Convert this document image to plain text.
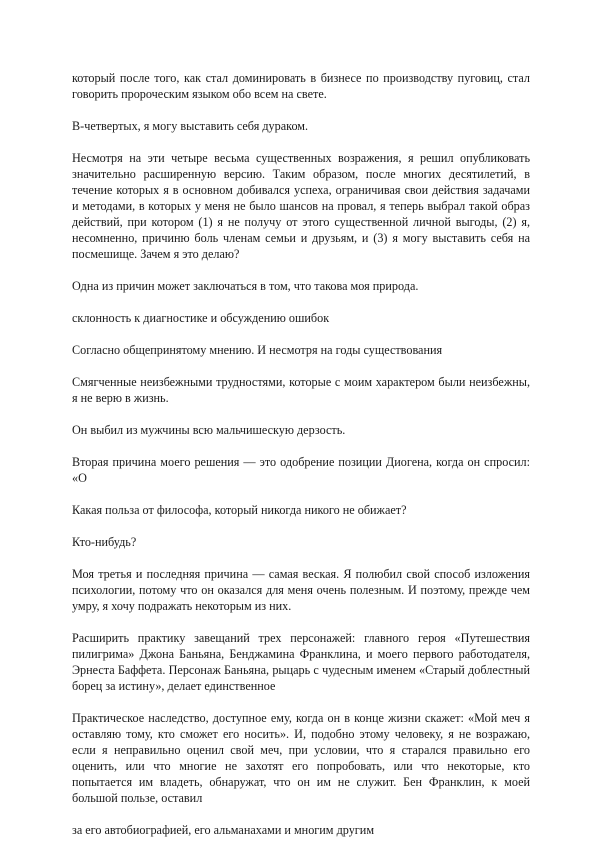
который после того, как стал доминировать в бизнесе по производству пуговиц, стал говорить пророческим языком обо всем на свете.

В-четвертых, я могу выставить себя дураком.

Несмотря на эти четыре весьма существенных возражения, я решил опубликовать значительно расширенную версию. Таким образом, после многих десятилетий, в течение которых я в основном добивался успеха, ограничивая свои действия задачами и методами, в которых у меня не было шансов на провал, я теперь выбрал такой образ действий, при котором (1) я не получу от этого существенной личной выгоды, (2) я, несомненно, причиню боль членам семьи и друзьям, и (3) я могу выставить себя на посмешище. Зачем я это делаю?

Одна из причин может заключаться в том, что такова моя природа.

склонность к диагностике и обсуждению ошибок

Согласно общепринятому мнению. И несмотря на годы существования

Смягченные неизбежными трудностями, которые с моим характером были неизбежны, я не верю в жизнь.

Он выбил из мужчины всю мальчишескую дерзость.

Вторая причина моего решения — это одобрение позиции Диогена, когда он спросил: «О

Какая польза от философа, который никогда никого не обижает?

Кто-нибудь?

Моя третья и последняя причина — самая веская. Я полюбил свой способ изложения психологии, потому что он оказался для меня очень полезным. И поэтому, прежде чем умру, я хочу подражать некоторым из них.

Расширить практику завещаний трех персонажей: главного героя «Путешествия пилигрима» Джона Баньяна, Бенджамина Франклина, и моего первого работодателя, Эрнеста Баффета. Персонаж Баньяна, рыцарь с чудесным именем «Старый доблестный борец за истину», делает единственное

Практическое наследство, доступное ему, когда он в конце жизни скажет: «Мой меч я оставляю тому, кто сможет его носить». И, подобно этому человеку, я не возражаю, если я неправильно оценил свой меч, при условии, что я старался правильно его оценить, или что многие не захотят его попробовать, или что некоторые, кто попытается им владеть, обнаружат, что он им не служит. Бен Франклин, к моей большой пользе, оставил

за его автобиографией, его альманахами и многим другим
